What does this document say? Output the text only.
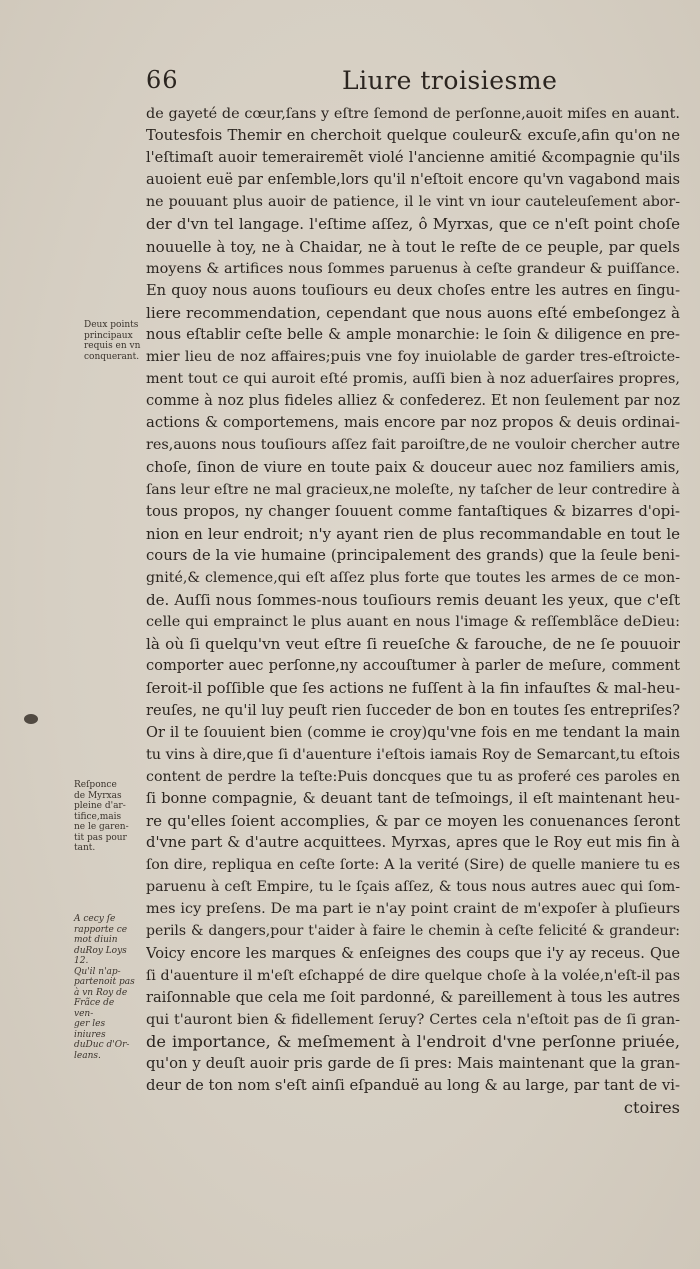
66	Liure troisiesme
Deux points
principaux
requis en vn
conquerant.
Reſponce
de Myrxas
pleine d'ar-
tifice,mais
ne le garen-
tit pas pour
tant.
A cecy ſe
rapporte ce
mot diuin
duRoy Loys
12.
Qu'il n'ap-
partenoit pas
à vn Roy de
Frãce de ven-
ger les iniures
duDuc d'Or-
leans.
de gayeté de cœur,ſans y eſtre ſemond de perſonne,auoit miſes en auant.
Toutesfois Themir en cherchoit quelque couleur& excuſe,afin qu'on ne
l'eſtimaſt auoir temerairemẽt violé l'ancienne amitié &compagnie qu'ils
auoient euë par enſemble,lors qu'il n'eſtoit encore qu'vn vagabond mais
ne pouuant plus auoir de patience, il le vint vn iour cauteleuſement abor-
der d'vn tel langage. l'eſtime aſſez, ô Myrxas, que ce n'eſt point choſe
nouuelle à toy, ne à Chaidar, ne à tout le reſte de ce peuple, par quels
moyens & artifices nous ſommes paruenus à ceſte grandeur & puiſſance.
En quoy nous auons touſiours eu deux choſes entre les autres en ſingu-
liere recommendation, cependant que nous auons eſté embeſongez à
nous eſtablir ceſte belle & ample monarchie: le ſoin & diligence en pre-
mier lieu de noz affaires;puis vne foy inuiolable de garder tres-eſtroicte-
ment tout ce qui auroit eſté promis, auſſi bien à noz aduerſaires propres,
comme à noz plus fideles alliez & confederez. Et non ſeulement par noz
actions & comportemens, mais encore par noz propos & deuis ordinai-
res,auons nous touſiours aſſez fait paroiſtre,de ne vouloir chercher autre
choſe, ſinon de viure en toute paix & douceur auec noz familiers amis,
ſans leur eſtre ne mal gracieux,ne moleſte, ny taſcher de leur contredire à
tous propos, ny changer ſouuent comme fantaſtiques & bizarres d'opi-
nion en leur endroit; n'y ayant rien de plus recommandable en tout le
cours de la vie humaine (principalement des grands) que la ſeule beni-
gnité,& clemence,qui eſt aſſez plus forte que toutes les armes de ce mon-
de. Auſſi nous ſommes-nous touſiours remis deuant les yeux, que c'eſt
celle qui emprainct le plus auant en nous l'image & reſſemblãce deDieu:
là où ſi quelqu'vn veut eſtre ſi reueſche & farouche, de ne ſe pouuoir
comporter auec perſonne,ny accouſtumer à parler de meſure, comment
ſeroit-il poſſible que ſes actions ne fuſſent à la fin infauſtes & mal-heu-
reuſes, ne qu'il luy peuſt rien ſucceder de bon en toutes ſes entrepriſes?
Or il te ſouuient bien (comme ie croy)qu'vne fois en me tendant la main
tu vins à dire,que ſi d'auenture i'eſtois iamais Roy de Semarcant,tu eſtois
content de perdre la teſte:Puis doncques que tu as proferé ces paroles en
ſi bonne compagnie, & deuant tant de teſmoings, il eſt maintenant heu-
re qu'elles ſoient accomplies, & par ce moyen les conuenances ſeront
d'vne part & d'autre acquittees. Myrxas, apres que le Roy eut mis fin à
ſon dire, repliqua en ceſte ſorte: A la verité (Sire) de quelle maniere tu es
paruenu à ceſt Empire, tu le ſçais aſſez, & tous nous autres auec qui ſom-
mes icy preſens. De ma part ie n'ay point craint de m'expoſer à pluſieurs
perils & dangers,pour t'aider à faire le chemin à ceſte felicité & grandeur:
Voicy encore les marques & enſeignes des coups que i'y ay receus. Que
ſi d'auenture il m'eſt eſchappé de dire quelque choſe à la volée,n'eſt-il pas
raiſonnable que cela me ſoit pardonné, & pareillement à tous les autres
qui t'auront bien & fidellement ſeruy? Certes cela n'eſtoit pas de ſi gran-
de importance, & meſmement à l'endroit d'vne perſonne priuée,
qu'on y deuſt auoir pris garde de ſi pres: Mais maintenant que la gran-
deur de ton nom s'eſt ainſi eſpanduë au long & au large, par tant de vi-
ctoires
